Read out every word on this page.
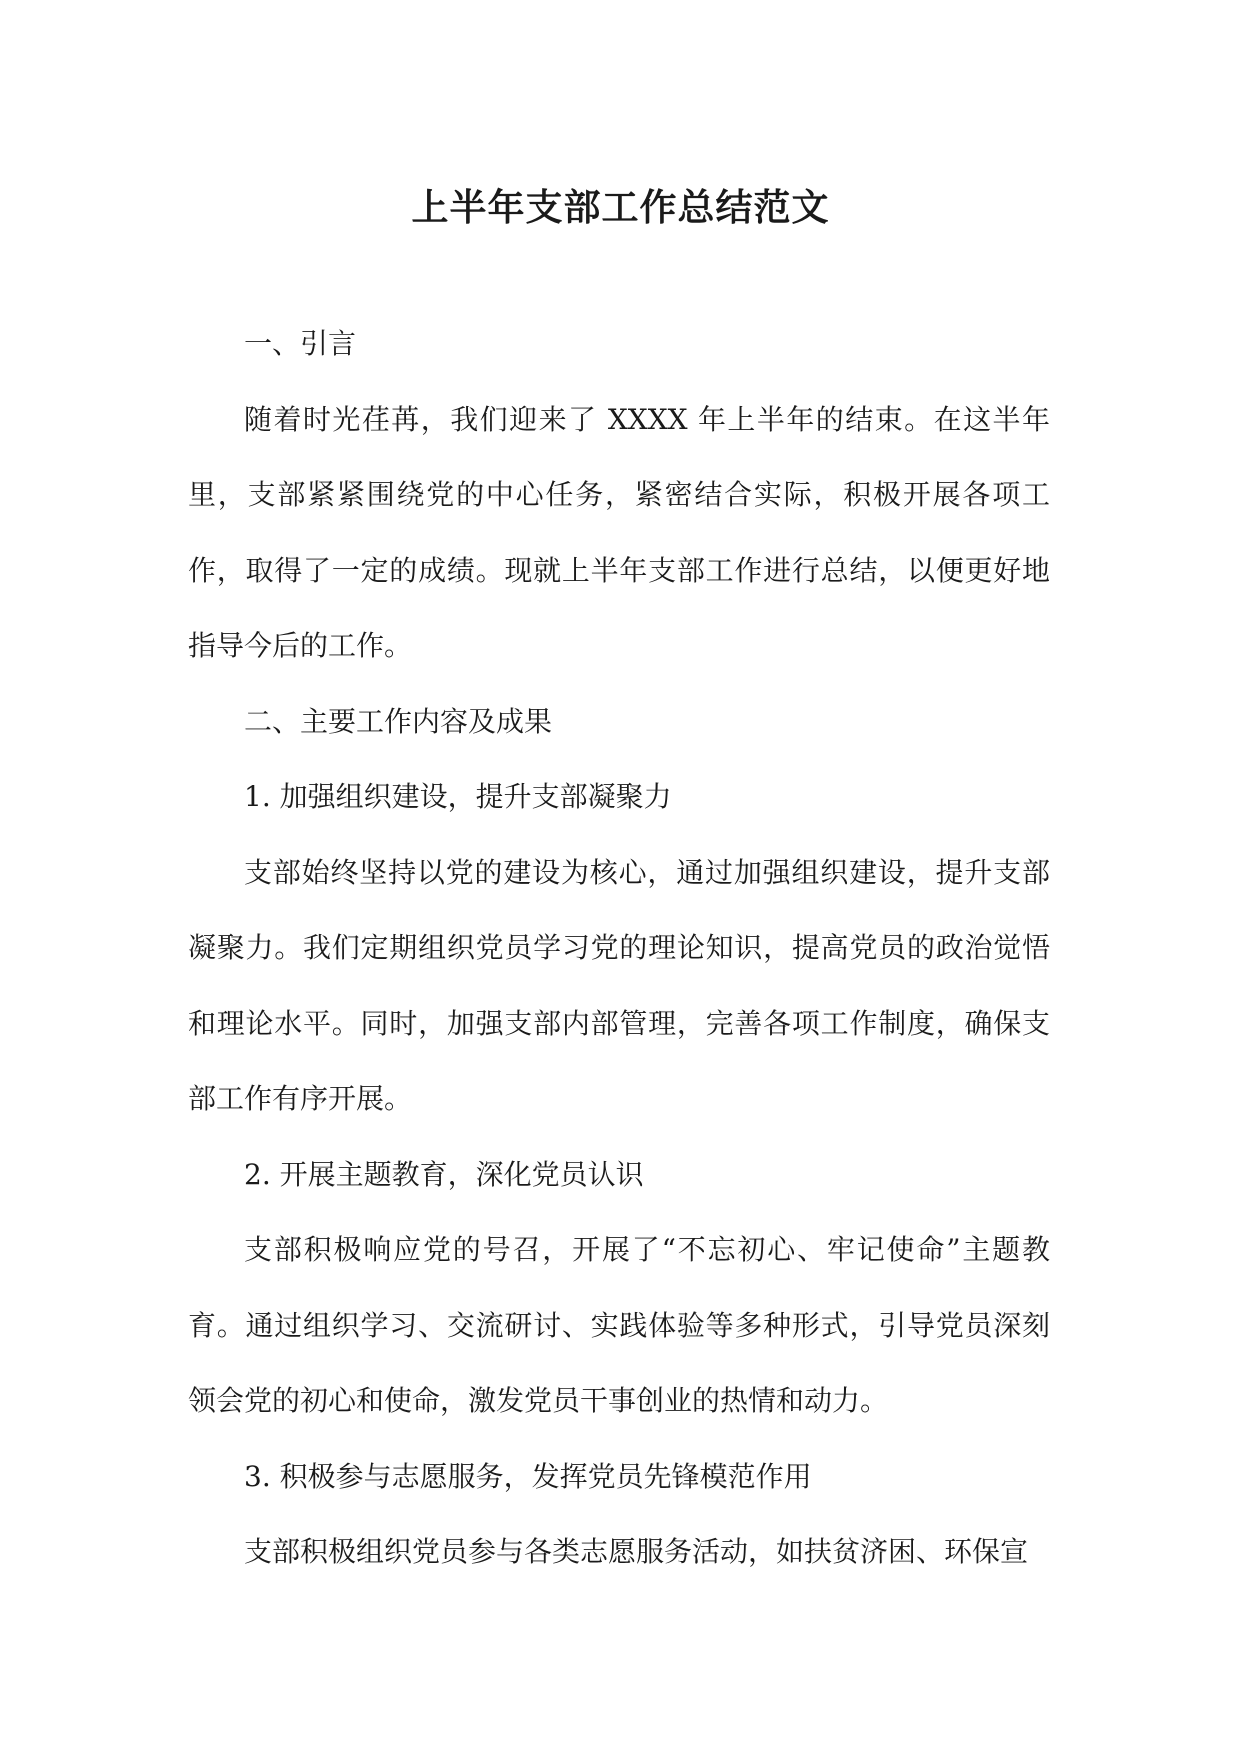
上半年支部工作总结范文

一、引言

随着时光荏苒，我们迎来了 XXXX 年上半年的结束。在这半年里，支部紧紧围绕党的中心任务，紧密结合实际，积极开展各项工作，取得了一定的成绩。现就上半年支部工作进行总结，以便更好地指导今后的工作。

二、主要工作内容及成果

1. 加强组织建设，提升支部凝聚力

支部始终坚持以党的建设为核心，通过加强组织建设，提升支部凝聚力。我们定期组织党员学习党的理论知识，提高党员的政治觉悟和理论水平。同时，加强支部内部管理，完善各项工作制度，确保支部工作有序开展。

2. 开展主题教育，深化党员认识

支部积极响应党的号召，开展了“不忘初心、牢记使命”主题教育。通过组织学习、交流研讨、实践体验等多种形式，引导党员深刻领会党的初心和使命，激发党员干事创业的热情和动力。

3. 积极参与志愿服务，发挥党员先锋模范作用

支部积极组织党员参与各类志愿服务活动，如扶贫济困、环保宣
